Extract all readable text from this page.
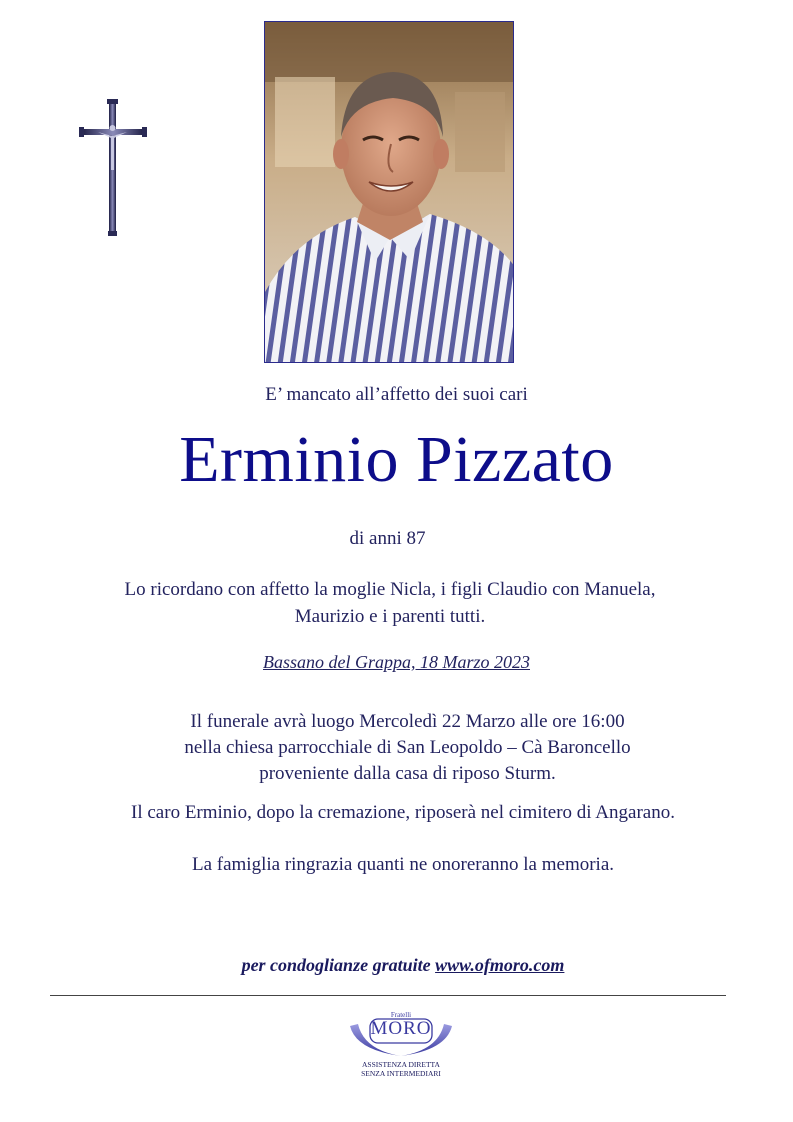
E’ mancato all’affetto dei suoi cari
Erminio Pizzato
di anni 87
Lo ricordano con affetto la moglie Nicla, i figli Claudio con Manuela,
Maurizio e i parenti tutti.
Bassano del Grappa, 18 Marzo 2023
Il funerale avrà luogo Mercoledì 22 Marzo alle ore 16:00
nella chiesa parrocchiale di San Leopoldo – Cà Baroncello
proveniente dalla casa di riposo Sturm.
Il caro Erminio, dopo la cremazione, riposerà nel cimitero di Angarano.
La famiglia ringrazia quanti ne onoreranno la memoria.
per condoglianze gratuite www.ofmoro.com
Fratelli
MORO
ASSISTENZA DIRETTA
SENZA INTERMEDIARI
